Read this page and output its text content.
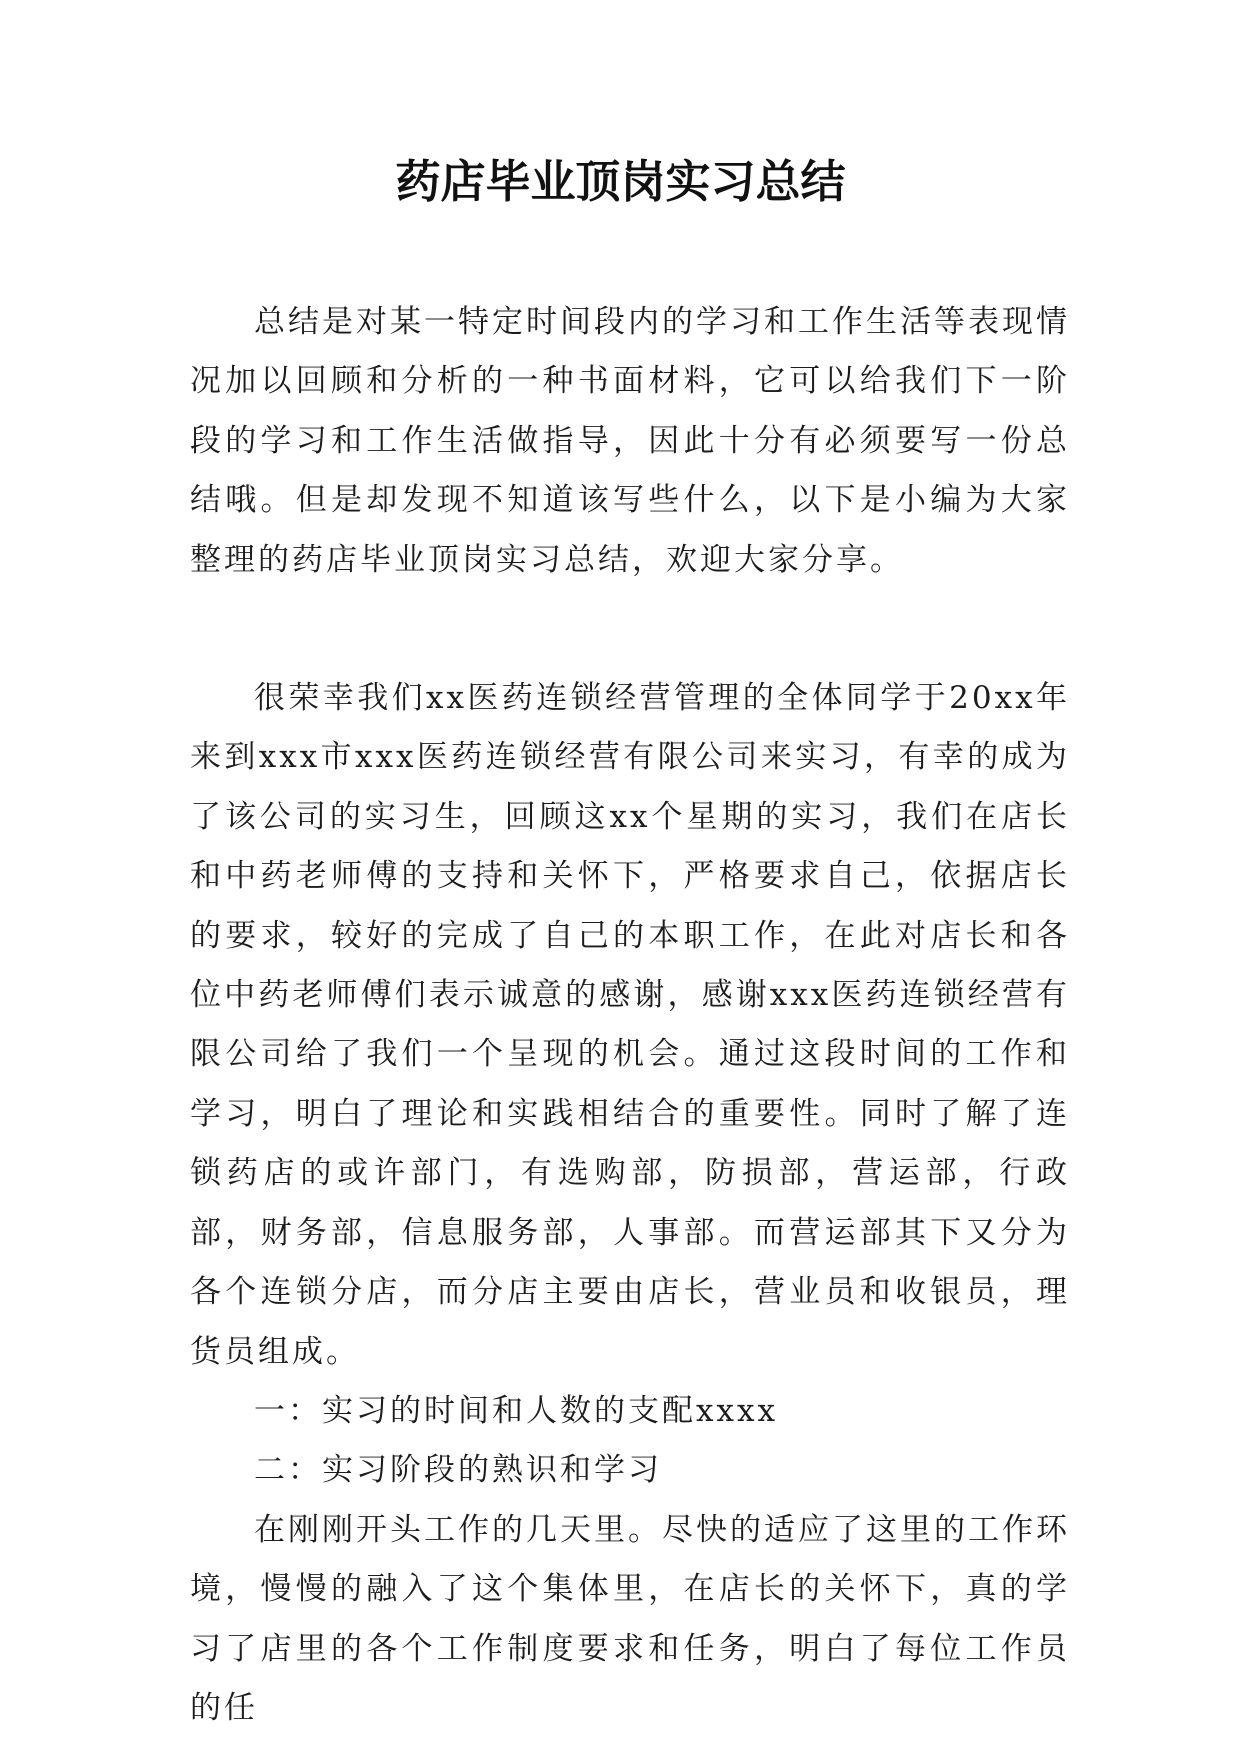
药店毕业顶岗实习总结

总结是对某一特定时间段内的学习和工作生活等表现情况加以回顾和分析的一种书面材料，它可以给我们下一阶段的学习和工作生活做指导，因此十分有必须要写一份总结哦。但是却发现不知道该写些什么，以下是小编为大家整理的药店毕业顶岗实习总结，欢迎大家分享。

很荣幸我们xx医药连锁经营管理的全体同学于20xx年来到xxx市xxx医药连锁经营有限公司来实习，有幸的成为了该公司的实习生，回顾这xx个星期的实习，我们在店长和中药老师傅的支持和关怀下，严格要求自己，依据店长的要求，较好的完成了自己的本职工作，在此对店长和各位中药老师傅们表示诚意的感谢，感谢xxx医药连锁经营有限公司给了我们一个呈现的机会。通过这段时间的工作和学习，明白了理论和实践相结合的重要性。同时了解了连锁药店的或许部门，有选购部，防损部，营运部，行政部，财务部，信息服务部，人事部。而营运部其下又分为各个连锁分店，而分店主要由店长，营业员和收银员，理货员组成。

一：实习的时间和人数的支配xxxx

二：实习阶段的熟识和学习

在刚刚开头工作的几天里。尽快的适应了这里的工作环境，慢慢的融入了这个集体里，在店长的关怀下，真的学习了店里的各个工作制度要求和任务，明白了每位工作员的任
